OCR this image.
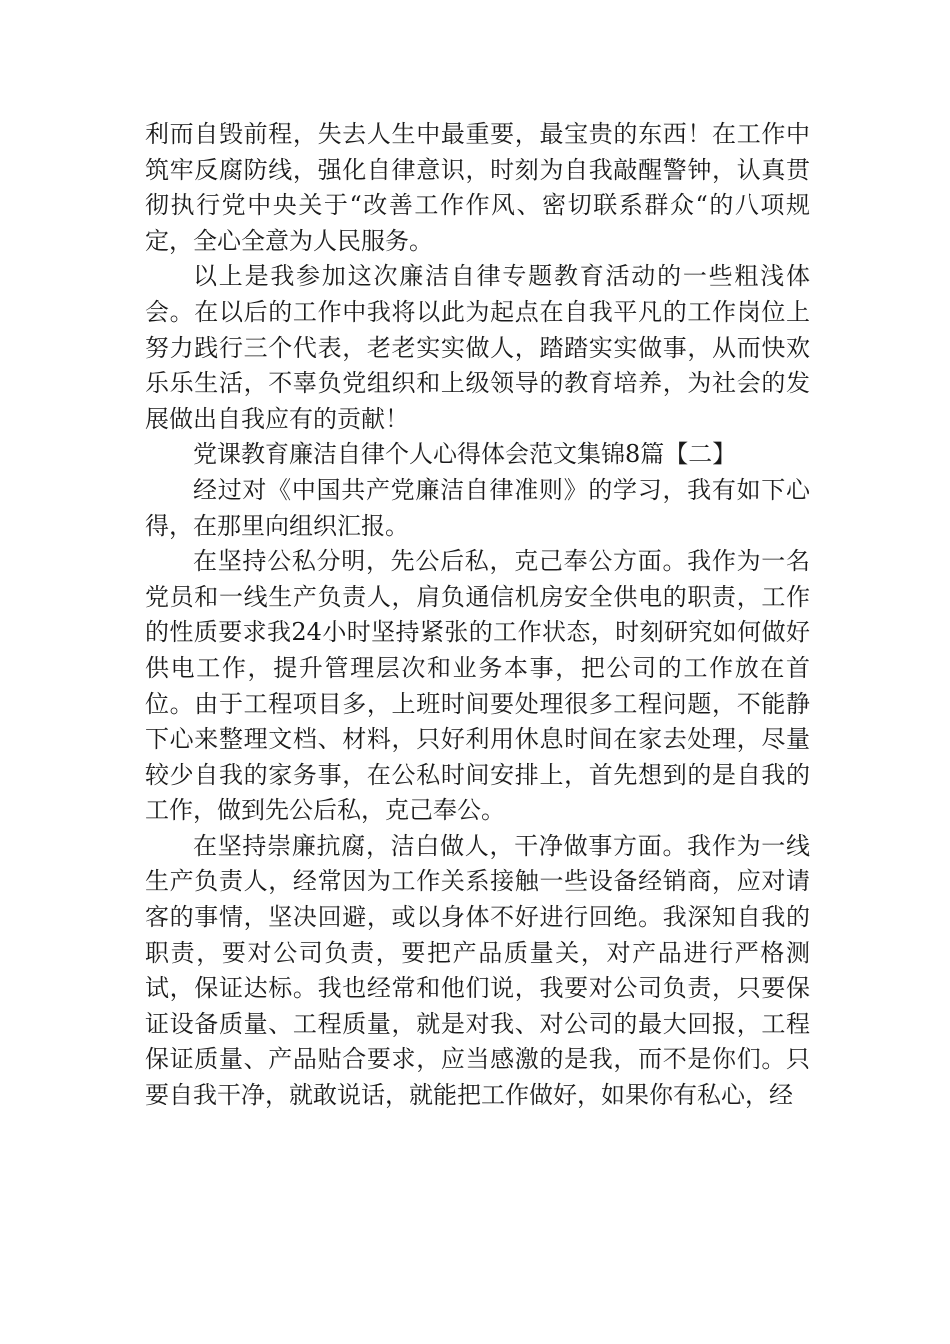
利而自毁前程，失去人生中最重要，最宝贵的东西！在工作中筑牢反腐防线，强化自律意识，时刻为自我敲醒警钟，认真贯彻执行党中央关于“改善工作作风、密切联系群众“的八项规定，全心全意为人民服务。

以上是我参加这次廉洁自律专题教育活动的一些粗浅体会。在以后的工作中我将以此为起点在自我平凡的工作岗位上努力践行三个代表，老老实实做人，踏踏实实做事，从而快欢乐乐生活，不辜负党组织和上级领导的教育培养，为社会的发展做出自我应有的贡献！

党课教育廉洁自律个人心得体会范文集锦8篇【二】

经过对《中国共产党廉洁自律准则》的学习，我有如下心得，在那里向组织汇报。

在坚持公私分明，先公后私，克己奉公方面。我作为一名党员和一线生产负责人，肩负通信机房安全供电的职责，工作的性质要求我24小时坚持紧张的工作状态，时刻研究如何做好供电工作，提升管理层次和业务本事，把公司的工作放在首位。由于工程项目多，上班时间要处理很多工程问题，不能静下心来整理文档、材料，只好利用休息时间在家去处理，尽量较少自我的家务事，在公私时间安排上，首先想到的是自我的工作，做到先公后私，克己奉公。

在坚持崇廉抗腐，洁白做人，干净做事方面。我作为一线生产负责人，经常因为工作关系接触一些设备经销商，应对请客的事情，坚决回避，或以身体不好进行回绝。我深知自我的职责，要对公司负责，要把产品质量关，对产品进行严格测试，保证达标。我也经常和他们说，我要对公司负责，只要保证设备质量、工程质量，就是对我、对公司的最大回报，工程保证质量、产品贴合要求，应当感激的是我，而不是你们。只要自我干净，就敢说话，就能把工作做好，如果你有私心，经
